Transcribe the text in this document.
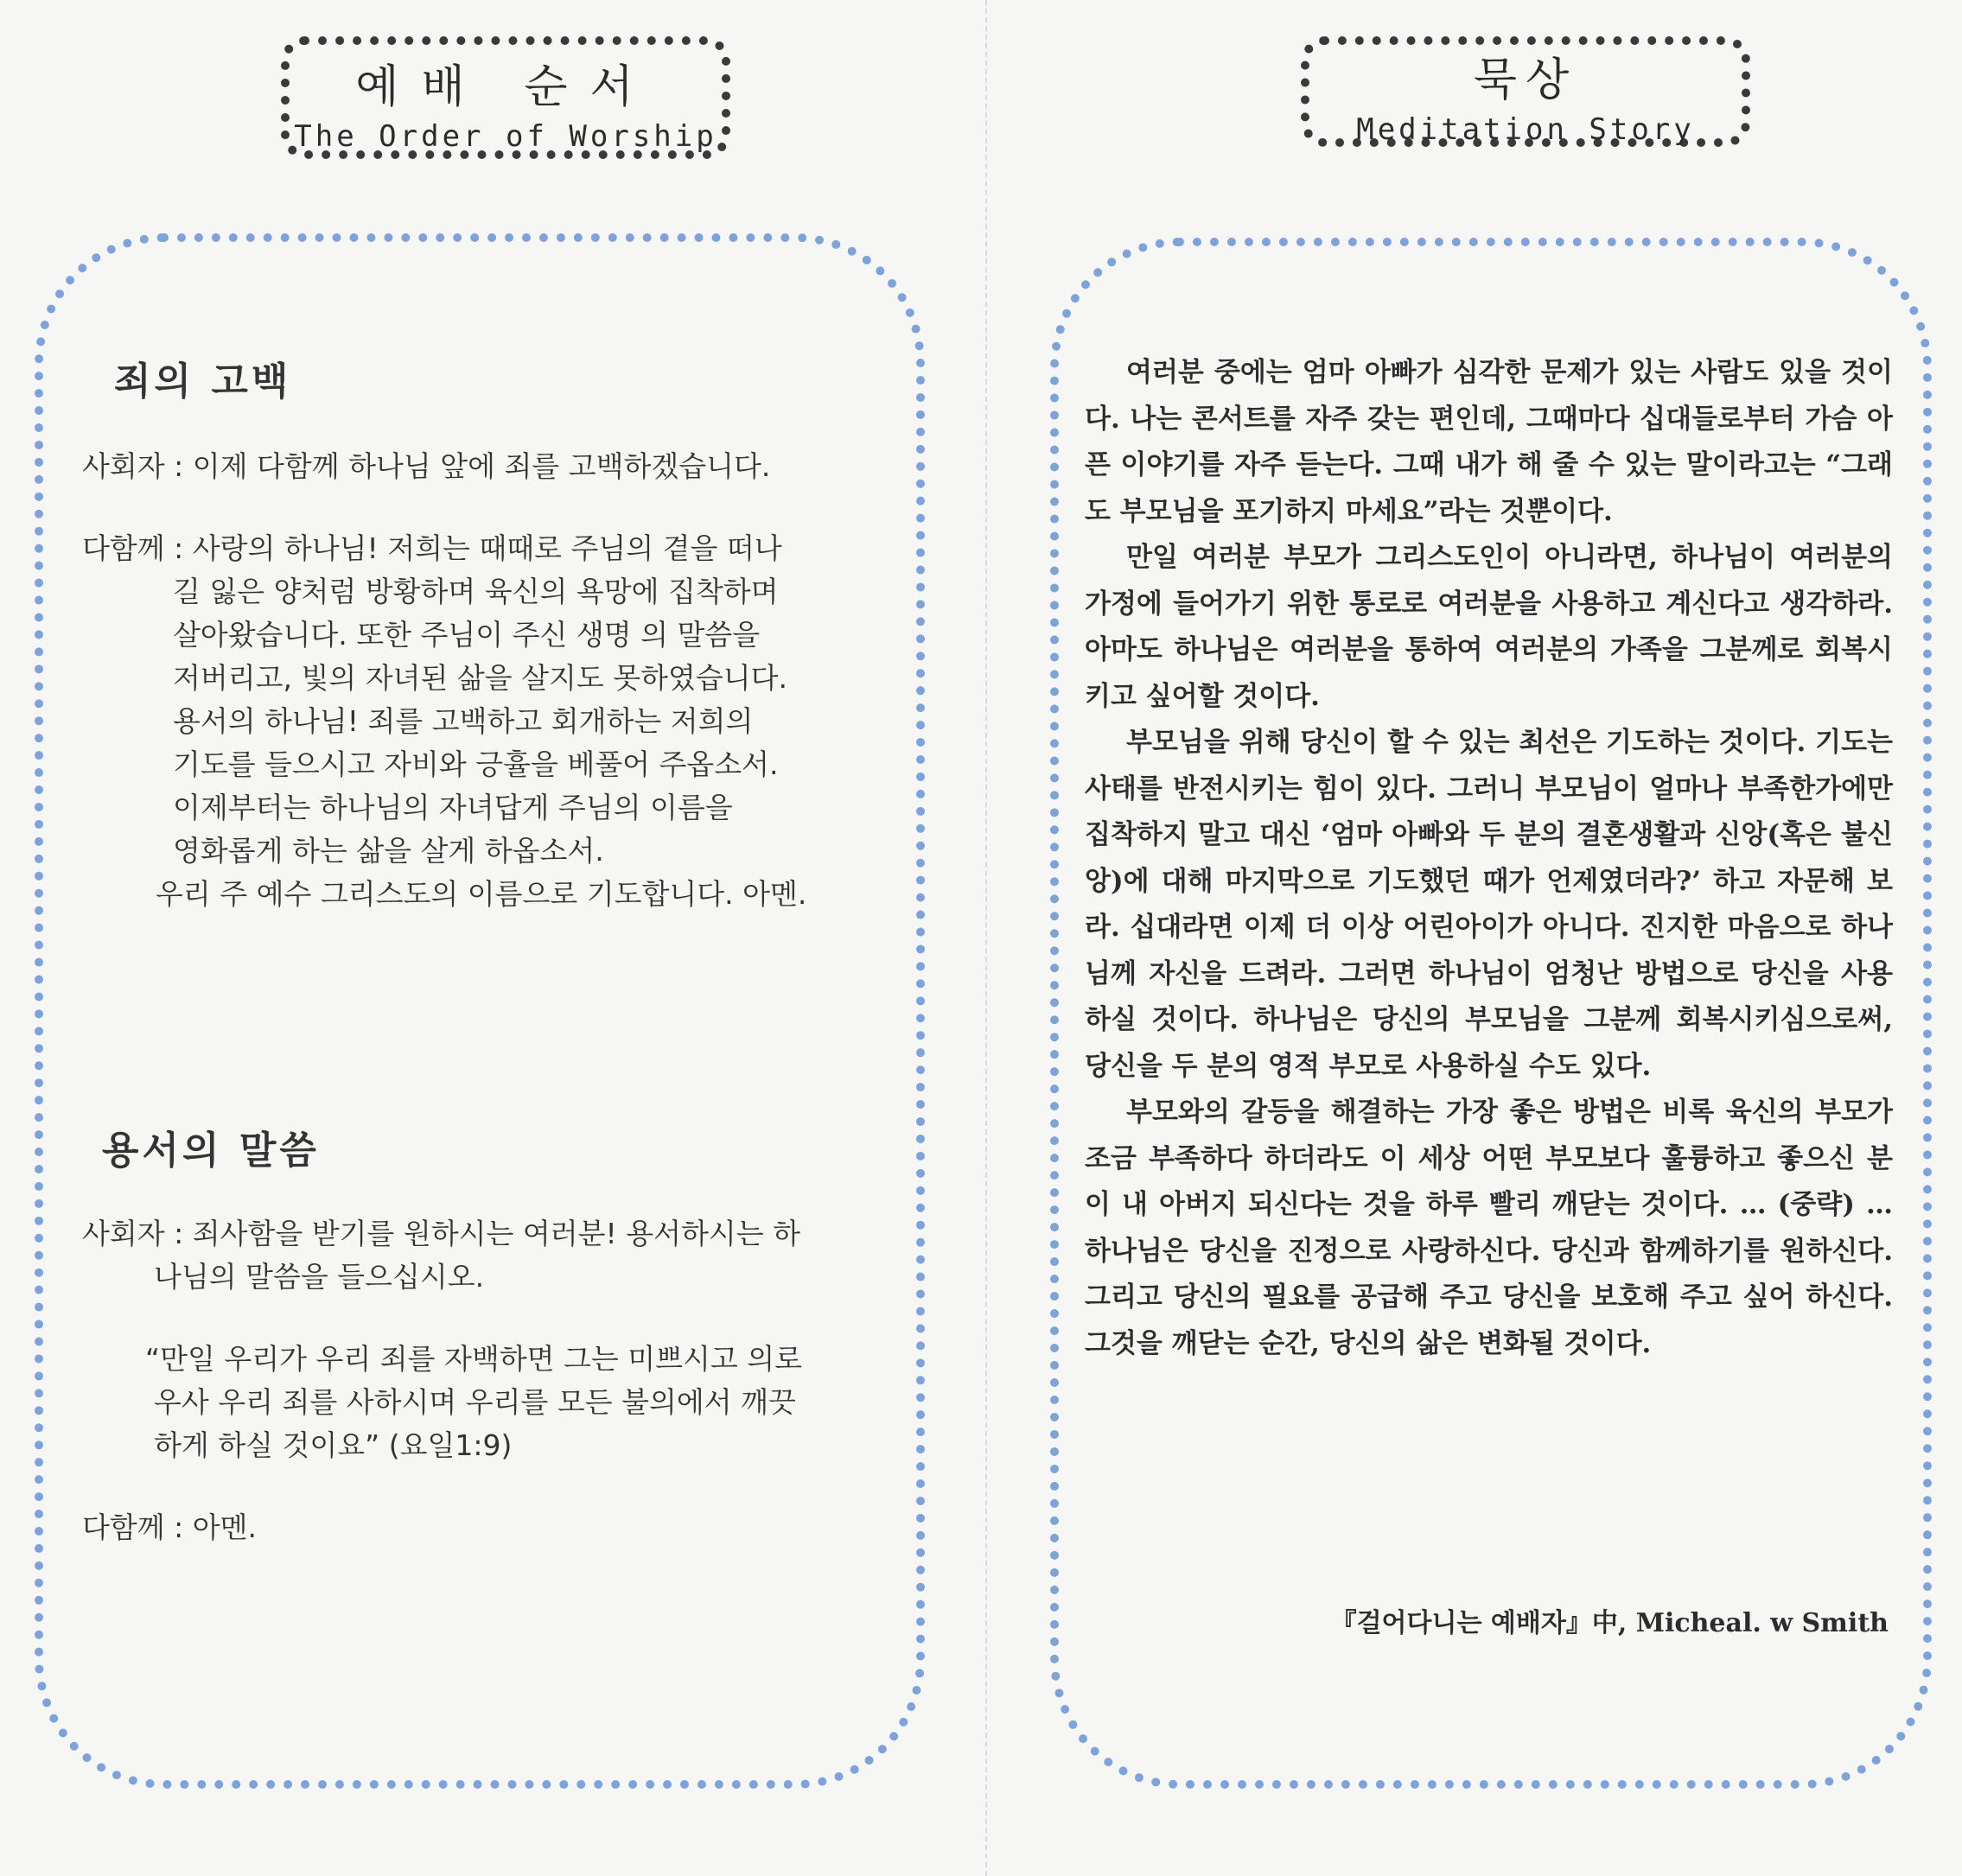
예배 순서
The Order of Worship
묵상
Meditation Story
죄의 고백
사회자 : 이제 다함께 하나님 앞에 죄를 고백하겠습니다.
다함께 : 사랑의 하나님! 저희는 때때로 주님의 곁을 떠나
길 잃은 양처럼 방황하며 육신의 욕망에 집착하며
살아왔습니다. 또한 주님이 주신 생명 의 말씀을
저버리고, 빛의 자녀된 삶을 살지도 못하였습니다.
용서의 하나님! 죄를 고백하고 회개하는 저희의
기도를 들으시고 자비와 긍휼을 베풀어 주옵소서.
이제부터는 하나님의 자녀답게 주님의 이름을
영화롭게 하는 삶을 살게 하옵소서.
우리 주 예수 그리스도의 이름으로 기도합니다. 아멘.
용서의 말씀
사회자 : 죄사함을 받기를 원하시는 여러분! 용서하시는 하
나님의 말씀을 들으십시오.
“만일 우리가 우리 죄를 자백하면 그는 미쁘시고 의로
우사 우리 죄를 사하시며 우리를 모든 불의에서 깨끗
하게 하실 것이요” (요일1:9)
다함께 : 아멘.

여러분 중에는 엄마 아빠가 심각한 문제가 있는 사람도 있을 것이다. 나는 콘서트를 자주 갖는 편인데, 그때마다 십대들로부터 가슴 아픈 이야기를 자주 듣는다. 그때 내가 해 줄 수 있는 말이라고는 “그래도 부모님을 포기하지 마세요”라는 것뿐이다.

만일 여러분 부모가 그리스도인이 아니라면, 하나님이 여러분의 가정에 들어가기 위한 통로로 여러분을 사용하고 계신다고 생각하라. 아마도 하나님은 여러분을 통하여 여러분의 가족을 그분께로 회복시키고 싶어할 것이다.

부모님을 위해 당신이 할 수 있는 최선은 기도하는 것이다. 기도는 사태를 반전시키는 힘이 있다. 그러니 부모님이 얼마나 부족한가에만 집착하지 말고 대신 ‘엄마 아빠와 두 분의 결혼생활과 신앙(혹은 불신앙)에 대해 마지막으로 기도했던 때가 언제였더라?’ 하고 자문해 보라. 십대라면 이제 더 이상 어린아이가 아니다. 진지한 마음으로 하나님께 자신을 드려라. 그러면 하나님이 엄청난 방법으로 당신을 사용하실 것이다. 하나님은 당신의 부모님을 그분께 회복시키심으로써, 당신을 두 분의 영적 부모로 사용하실 수도 있다.

부모와의 갈등을 해결하는 가장 좋은 방법은 비록 육신의 부모가 조금 부족하다 하더라도 이 세상 어떤 부모보다 훌륭하고 좋으신 분이 내 아버지 되신다는 것을 하루 빨리 깨닫는 것이다. … (중략) … 하나님은 당신을 진정으로 사랑하신다. 당신과 함께하기를 원하신다. 그리고 당신의 필요를 공급해 주고 당신을 보호해 주고 싶어 하신다. 그것을 깨닫는 순간, 당신의 삶은 변화될 것이다.

『걸어다니는 예배자』中, Micheal. w Smith
